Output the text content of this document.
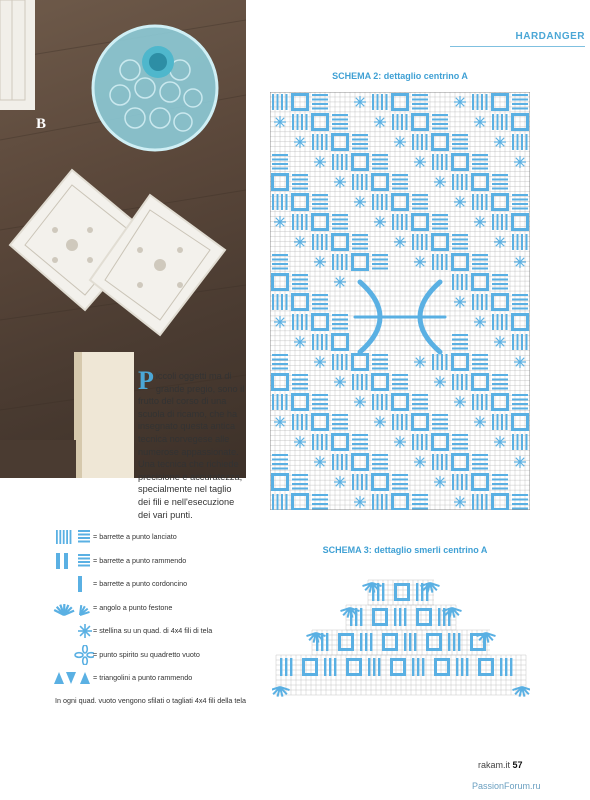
HARDANGER
B
Piccoli oggetti ma di grande pregio, sono il frutto del corso di una scuola di ricamo, che ha insegnato questa antica tecnica norvegese alle numerose appassionate. Una tecnica che richiede precisione e accuratezza, specialmente nel taglio dei fili e nell'esecuzione dei vari punti.
SCHEMA 2: dettaglio centrino A
SCHEMA 3: dettaglio smerli centrino A
= barrette a punto lanciato
= barrette a punto rammendo
= barrette a punto cordoncino
= angolo a punto festone
= stellina su un quad. di 4x4 fili di tela
= punto spirito su quadretto vuoto
= triangolini a punto rammendo
In ogni quad. vuoto vengono sfilati o tagliati 4x4 fili della tela
rakam.it 57
PassionForum.ru
